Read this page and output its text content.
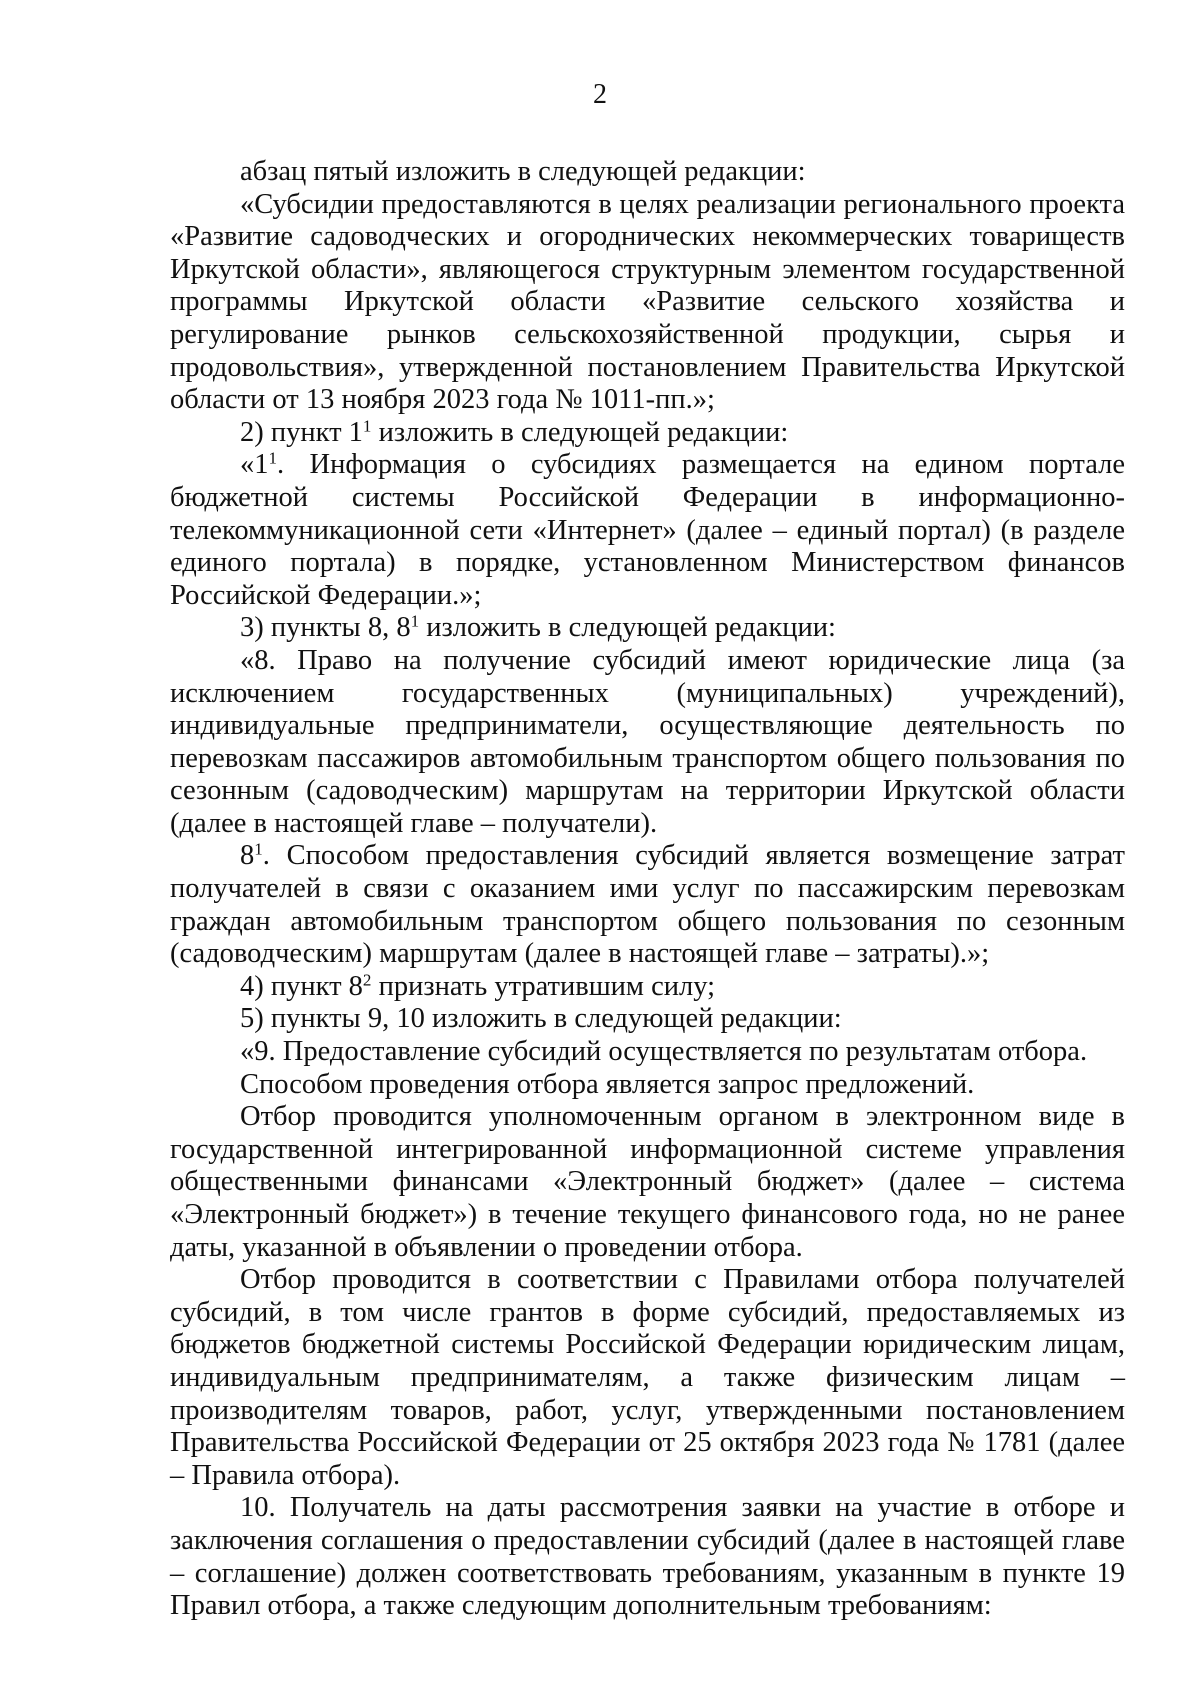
2

абзац пятый изложить в следующей редакции:

«Субсидии предоставляются в целях реализации регионального проекта «Развитие садоводческих и огороднических некоммерческих товариществ Иркутской области», являющегося структурным элементом государственной программы Иркутской области «Развитие сельского хозяйства и регулирование рынков сельскохозяйственной продукции, сырья и продовольствия», утвержденной постановлением Правительства Иркутской области от 13 ноября 2023 года № 1011-пп.»;

2) пункт $1^1$ изложить в следующей редакции:

«$1^1$. Информация о субсидиях размещается на едином портале бюджетной системы Российской Федерации в информационно-телекоммуникационной сети «Интернет» (далее – единый портал) (в разделе единого портала) в порядке, установленном Министерством финансов Российской Федерации.»;

3) пункты 8, $8^1$ изложить в следующей редакции:

«8. Право на получение субсидий имеют юридические лица (за исключением государственных (муниципальных) учреждений), индивидуальные предприниматели, осуществляющие деятельность по перевозкам пассажиров автомобильным транспортом общего пользования по сезонным (садоводческим) маршрутам на территории Иркутской области (далее в настоящей главе – получатели).

$8^1$. Способом предоставления субсидий является возмещение затрат получателей в связи с оказанием ими услуг по пассажирским перевозкам граждан автомобильным транспортом общего пользования по сезонным (садоводческим) маршрутам (далее в настоящей главе – затраты).»;

4) пункт $8^2$ признать утратившим силу;

5) пункты 9, 10 изложить в следующей редакции:

«9. Предоставление субсидий осуществляется по результатам отбора.

Способом проведения отбора является запрос предложений.

Отбор проводится уполномоченным органом в электронном виде в государственной интегрированной информационной системе управления общественными финансами «Электронный бюджет» (далее – система «Электронный бюджет») в течение текущего финансового года, но не ранее даты, указанной в объявлении о проведении отбора.

Отбор проводится в соответствии с Правилами отбора получателей субсидий, в том числе грантов в форме субсидий, предоставляемых из бюджетов бюджетной системы Российской Федерации юридическим лицам, индивидуальным предпринимателям, а также физическим лицам – производителям товаров, работ, услуг, утвержденными постановлением Правительства Российской Федерации от 25 октября 2023 года № 1781 (далее – Правила отбора).

10. Получатель на даты рассмотрения заявки на участие в отборе и заключения соглашения о предоставлении субсидий (далее в настоящей главе – соглашение) должен соответствовать требованиям, указанным в пункте 19 Правил отбора, а также следующим дополнительным требованиям:
